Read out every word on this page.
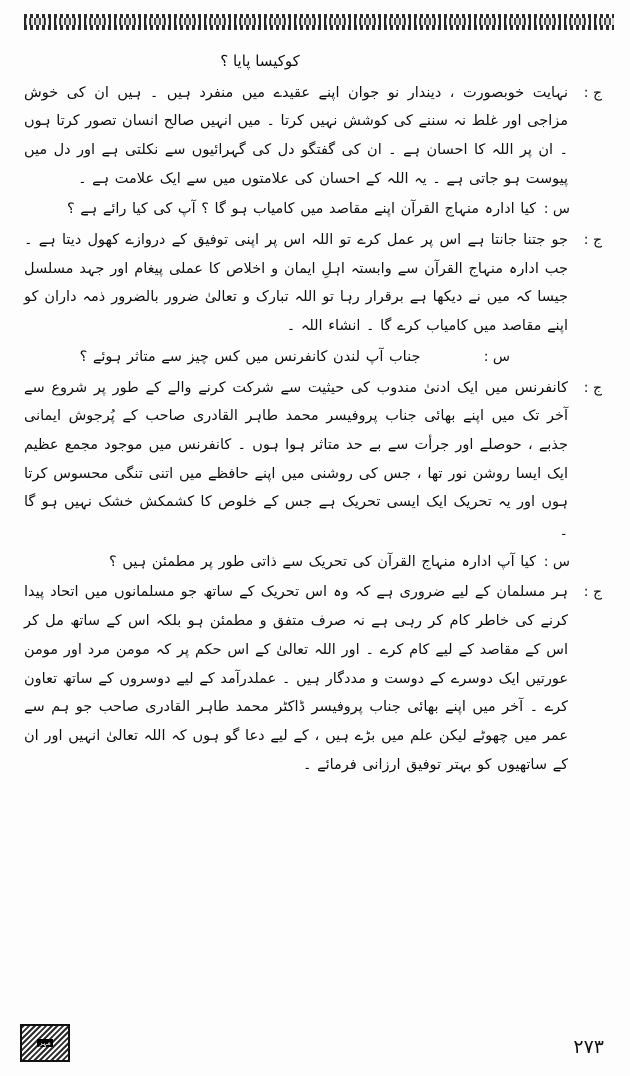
کوکیسا پایا ؟
ج :
نہایت خوبصورت ، دیندار نو جوان اپنے عقیدے میں منفرد ہیں ۔ ہیں ان کی خوش مزاجی اور غلط نہ سننے کی کوشش نہیں کرتا ۔ میں انہیں صالح انسان تصور کرتا ہوں ۔ ان پر اللہ کا احسان ہے ۔ ان کی گفتگو دل کی گہرائیوں سے نکلتی ہے اور دل میں پیوست ہو جاتی ہے ۔ یہ اللہ کے احسان کی علامتوں میں سے ایک علامت ہے ۔
س :
کیا ادارہ منہاج القرآن اپنے مقاصد میں کامیاب ہو گا ؟ آپ کی کیا رائے ہے ؟
ج :
جو جتنا جانتا ہے اس پر عمل کرے تو اللہ اس پر اپنی توفیق کے دروازے کھول دیتا ہے ۔ جب ادارہ منہاج القرآن سے وابستہ اہلِ ایمان و اخلاص کا عملی پیغام اور جہد مسلسل جیسا کہ میں نے دیکھا ہے برقرار رہا تو اللہ تبارک و تعالیٰ ضرور بالضرور ذمہ داران کو اپنے مقاصد میں کامیاب کرے گا ۔ انشاء اللہ ۔
س :
جناب آپ لندن کانفرنس میں کس چیز سے متاثر ہوئے ؟
ج :
کانفرنس میں ایک ادنیٰ مندوب کی حیثیت سے شرکت کرنے والے کے طور پر شروع سے آخر تک میں اپنے بھائی جناب پروفیسر محمد طاہر القادری صاحب کے پُرجوش ایمانی جذبے ، حوصلے اور جرأت سے بے حد متاثر ہوا ہوں ۔ کانفرنس میں موجود مجمع عظیم ایک ایسا روشن نور تھا ، جس کی روشنی میں اپنے حافظے میں اتنی تنگی محسوس کرتا ہوں اور یہ تحریک ایک ایسی تحریک ہے جس کے خلوص کا کشمکش خشک نہیں ہو گا ۔
س :
کیا آپ ادارہ منہاج القرآن کی تحریک سے ذاتی طور پر مطمئن ہیں ؟
ج :
ہر مسلمان کے لیے ضروری ہے کہ وہ اس تحریک کے ساتھ جو مسلمانوں میں اتحاد پیدا کرنے کی خاطر کام کر رہی ہے نہ صرف متفق و مطمئن ہو بلکہ اس کے ساتھ مل کر اس کے مقاصد کے لیے کام کرے ۔ اور اللہ تعالیٰ کے اس حکم پر کہ مومن مرد اور مومن عورتیں ایک دوسرے کے دوست و مددگار ہیں ۔ عملدرآمد کے لیے دوسروں کے ساتھ تعاون کرے ۔ آخر میں اپنے بھائی جناب پروفیسر ڈاکٹر محمد طاہر القادری صاحب جو ہم سے عمر میں چھوٹے لیکن علم میں بڑے ہیں ، کے لیے دعا گو ہوں کہ اللہ تعالیٰ انہیں اور ان کے ساتھیوں کو بہتر توفیق ارزانی فرمائے ۔
مہر	۲۷۳
